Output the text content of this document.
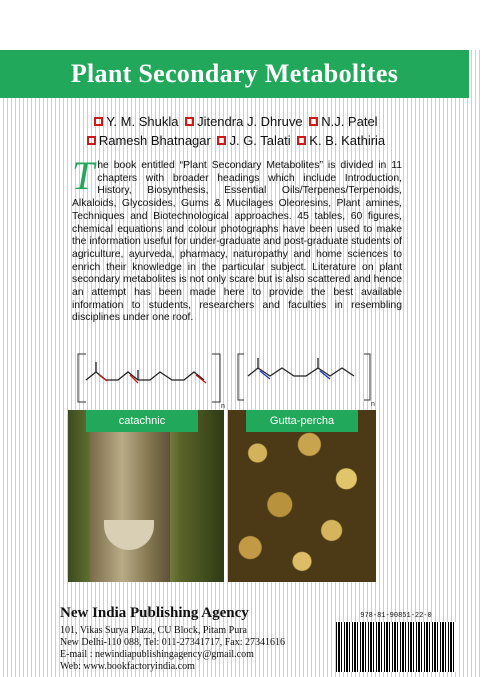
Plant Secondary Metabolites
Y. M. Shukla Jitendra J. Dhruve N.J. Patel
Ramesh Bhatnagar J. G. Talati K. B. Kathiria
The book entitled “Plant Secondary Metabolites” is divided in 11 chapters with broader headings which include Introduction, History, Biosynthesis, Essential Oils/Terpenes/Terpenoids, Alkaloids, Glycosides, Gums & Mucilages Oleoresins, Plant amines, Techniques and Biotechnological approaches. 45 tables, 60 figures, chemical equations and colour photographs have been used to make the information useful for under-graduate and post-graduate students of agriculture, ayurveda, pharmacy, naturopathy and home sciences to enrich their knowledge in the particular subject. Literature on plant secondary metabolites is not only scare but is also scattered and hence an attempt has been made here to provide the best available information to students, researchers and faculties in resembling disciplines under one roof.
n	n
catachnic	Gutta-percha
New India Publishing Agency
101, Vikas Surya Plaza, CU Block, Pitam Pura
New Delhi-110 088, Tel: 011-27341717, Fax: 27341616
E-mail : newindiapublishingagency@gmail.com
Web: www.bookfactoryindia.com
978-81-90851-22-0
